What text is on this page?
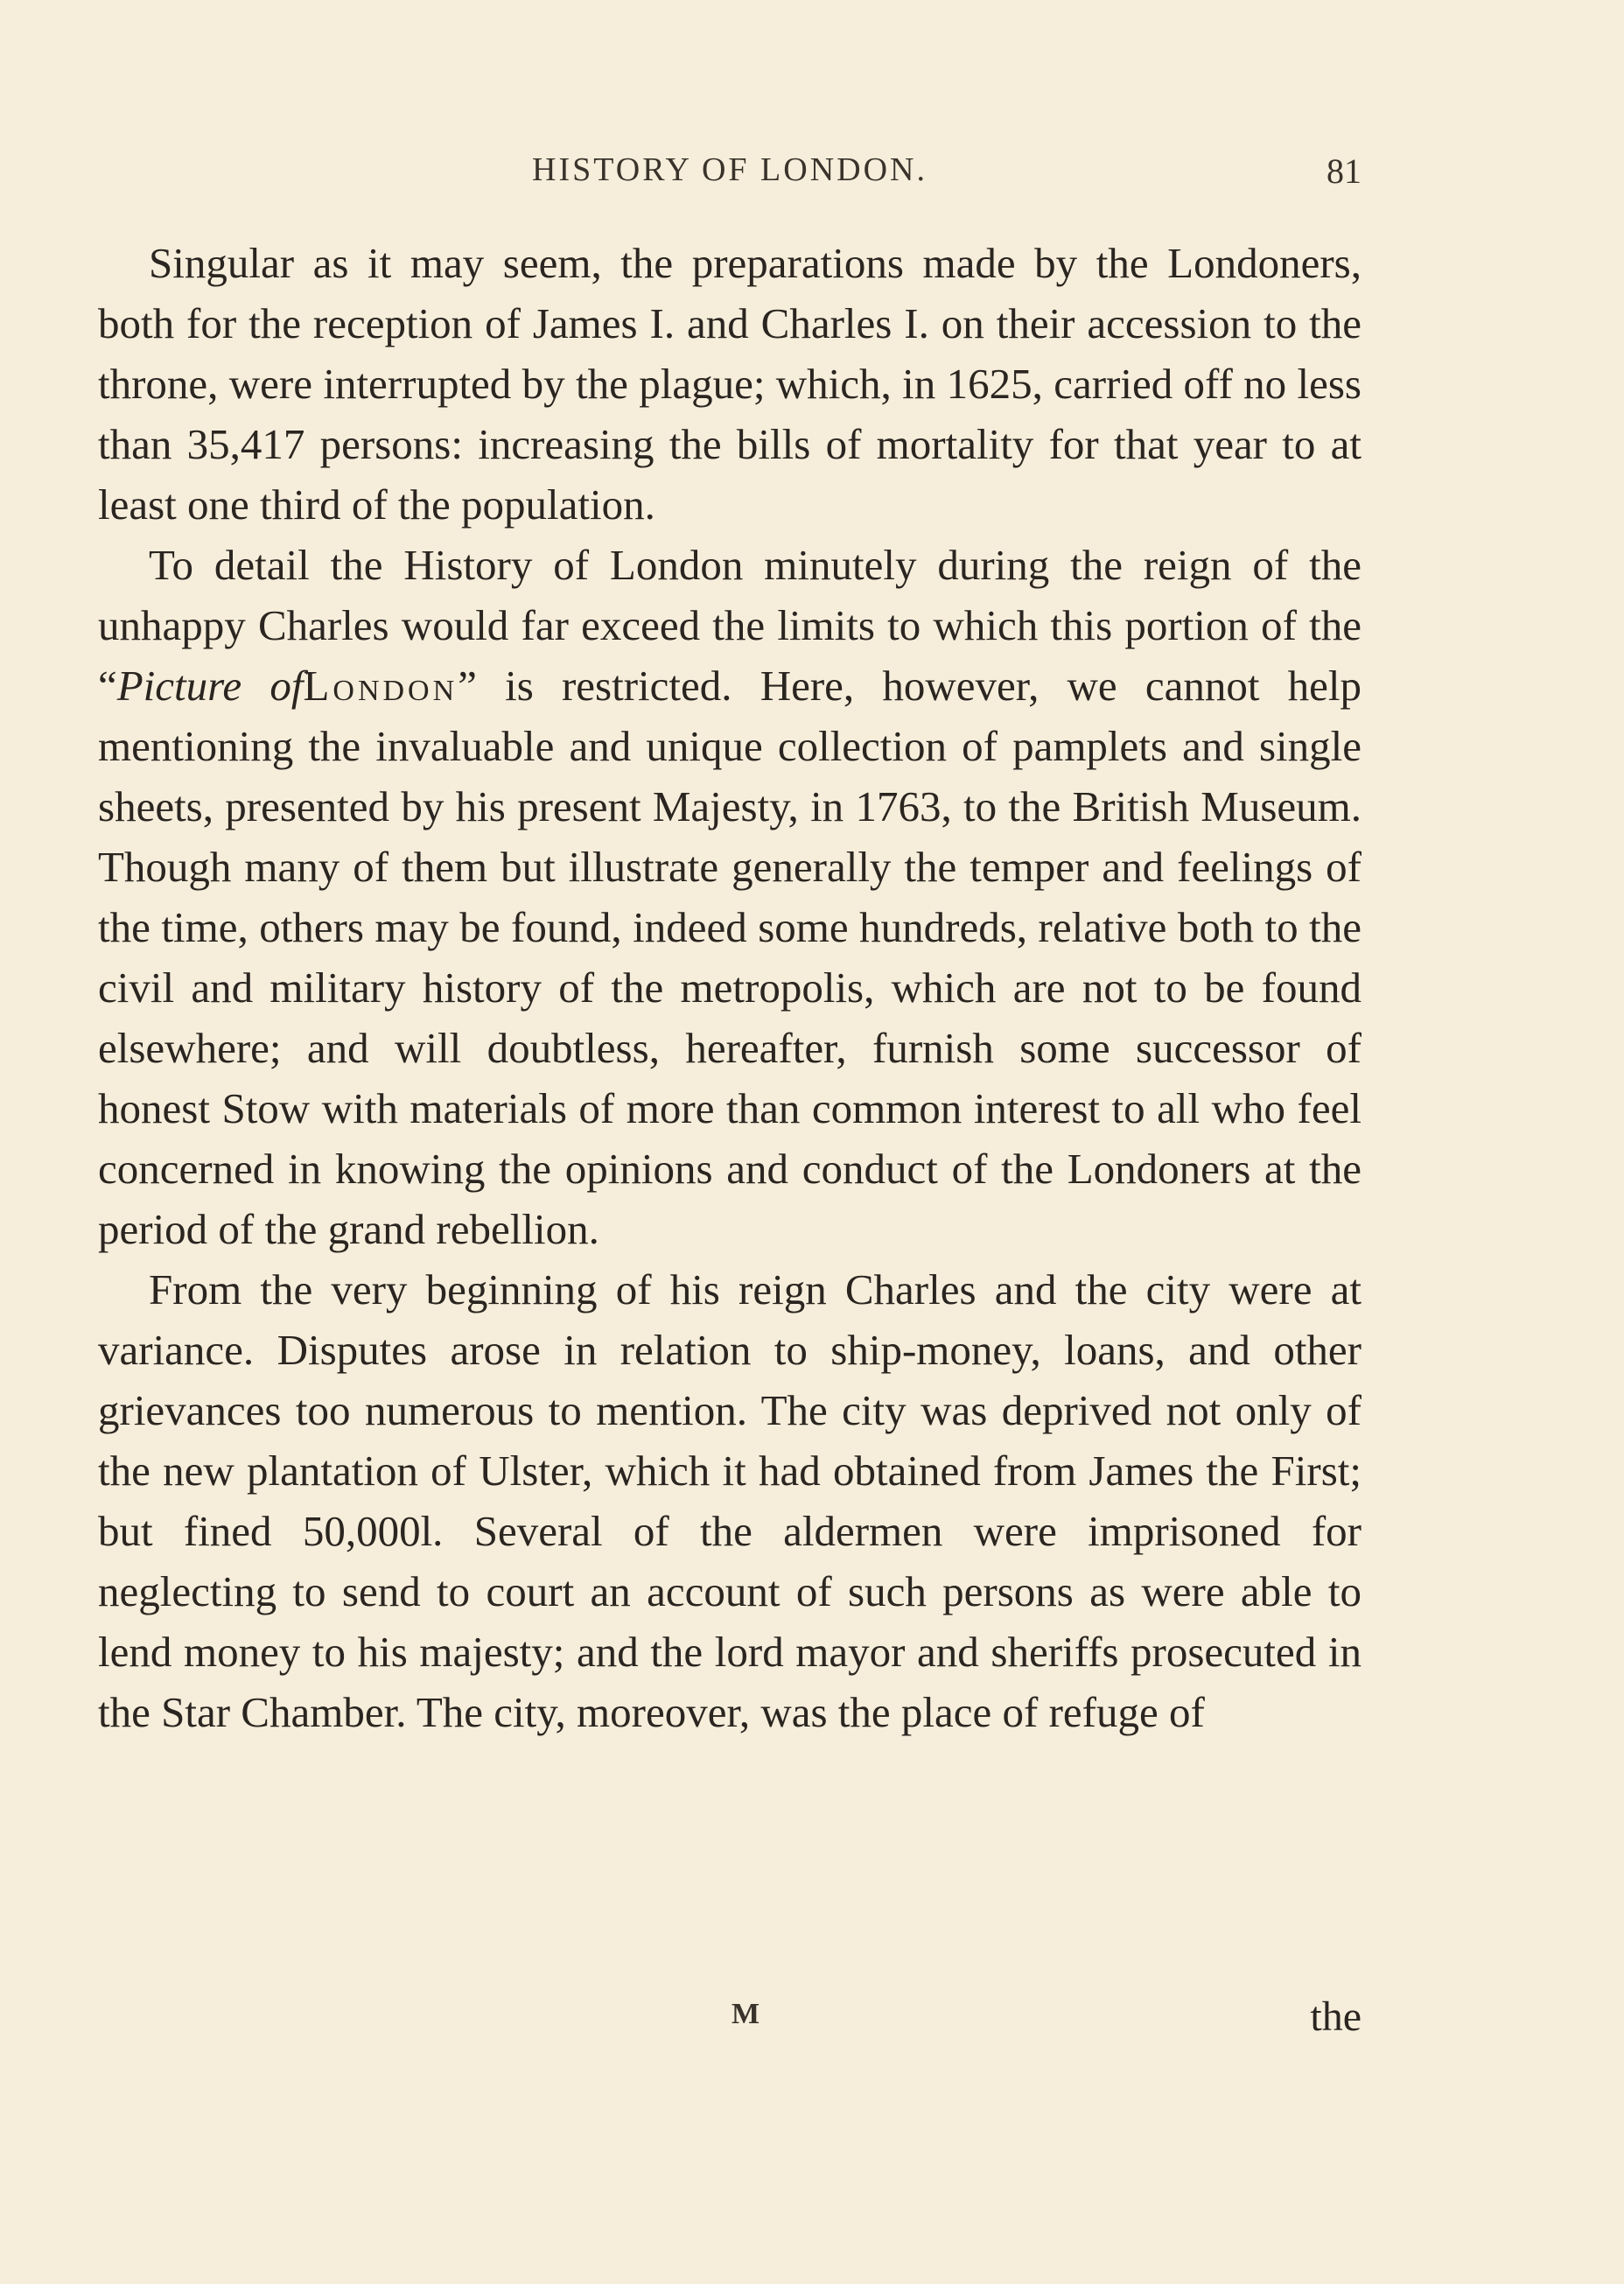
HISTORY OF LONDON.	81

Singular as it may seem, the preparations made by the Londoners, both for the reception of James I. and Charles I. on their accession to the throne, were interrupted by the plague; which, in 1625, carried off no less than 35,417 persons: increasing the bills of mortality for that year to at least one third of the population.

To detail the History of London minutely during the reign of the unhappy Charles would far exceed the limits to which this portion of the “Picture ofLondon” is restricted. Here, however, we cannot help mentioning the invaluable and unique collection of pamplets and single sheets, presented by his present Majesty, in 1763, to the British Museum. Though many of them but illustrate generally the temper and feelings of the time, others may be found, indeed some hundreds, relative both to the civil and military history of the metropolis, which are not to be found elsewhere; and will doubtless, hereafter, furnish some successor of honest Stow with materials of more than common interest to all who feel concerned in knowing the opinions and conduct of the Londoners at the period of the grand rebellion.

From the very beginning of his reign Charles and the city were at variance. Disputes arose in relation to ship-money, loans, and other grievances too numerous to mention. The city was deprived not only of the new plantation of Ulster, which it had obtained from James the First; but fined 50,000l. Several of the aldermen were imprisoned for neglecting to send to court an account of such persons as were able to lend money to his majesty; and the lord mayor and sheriffs prosecuted in the Star Chamber. The city, moreover, was the place of refuge of

M	the
